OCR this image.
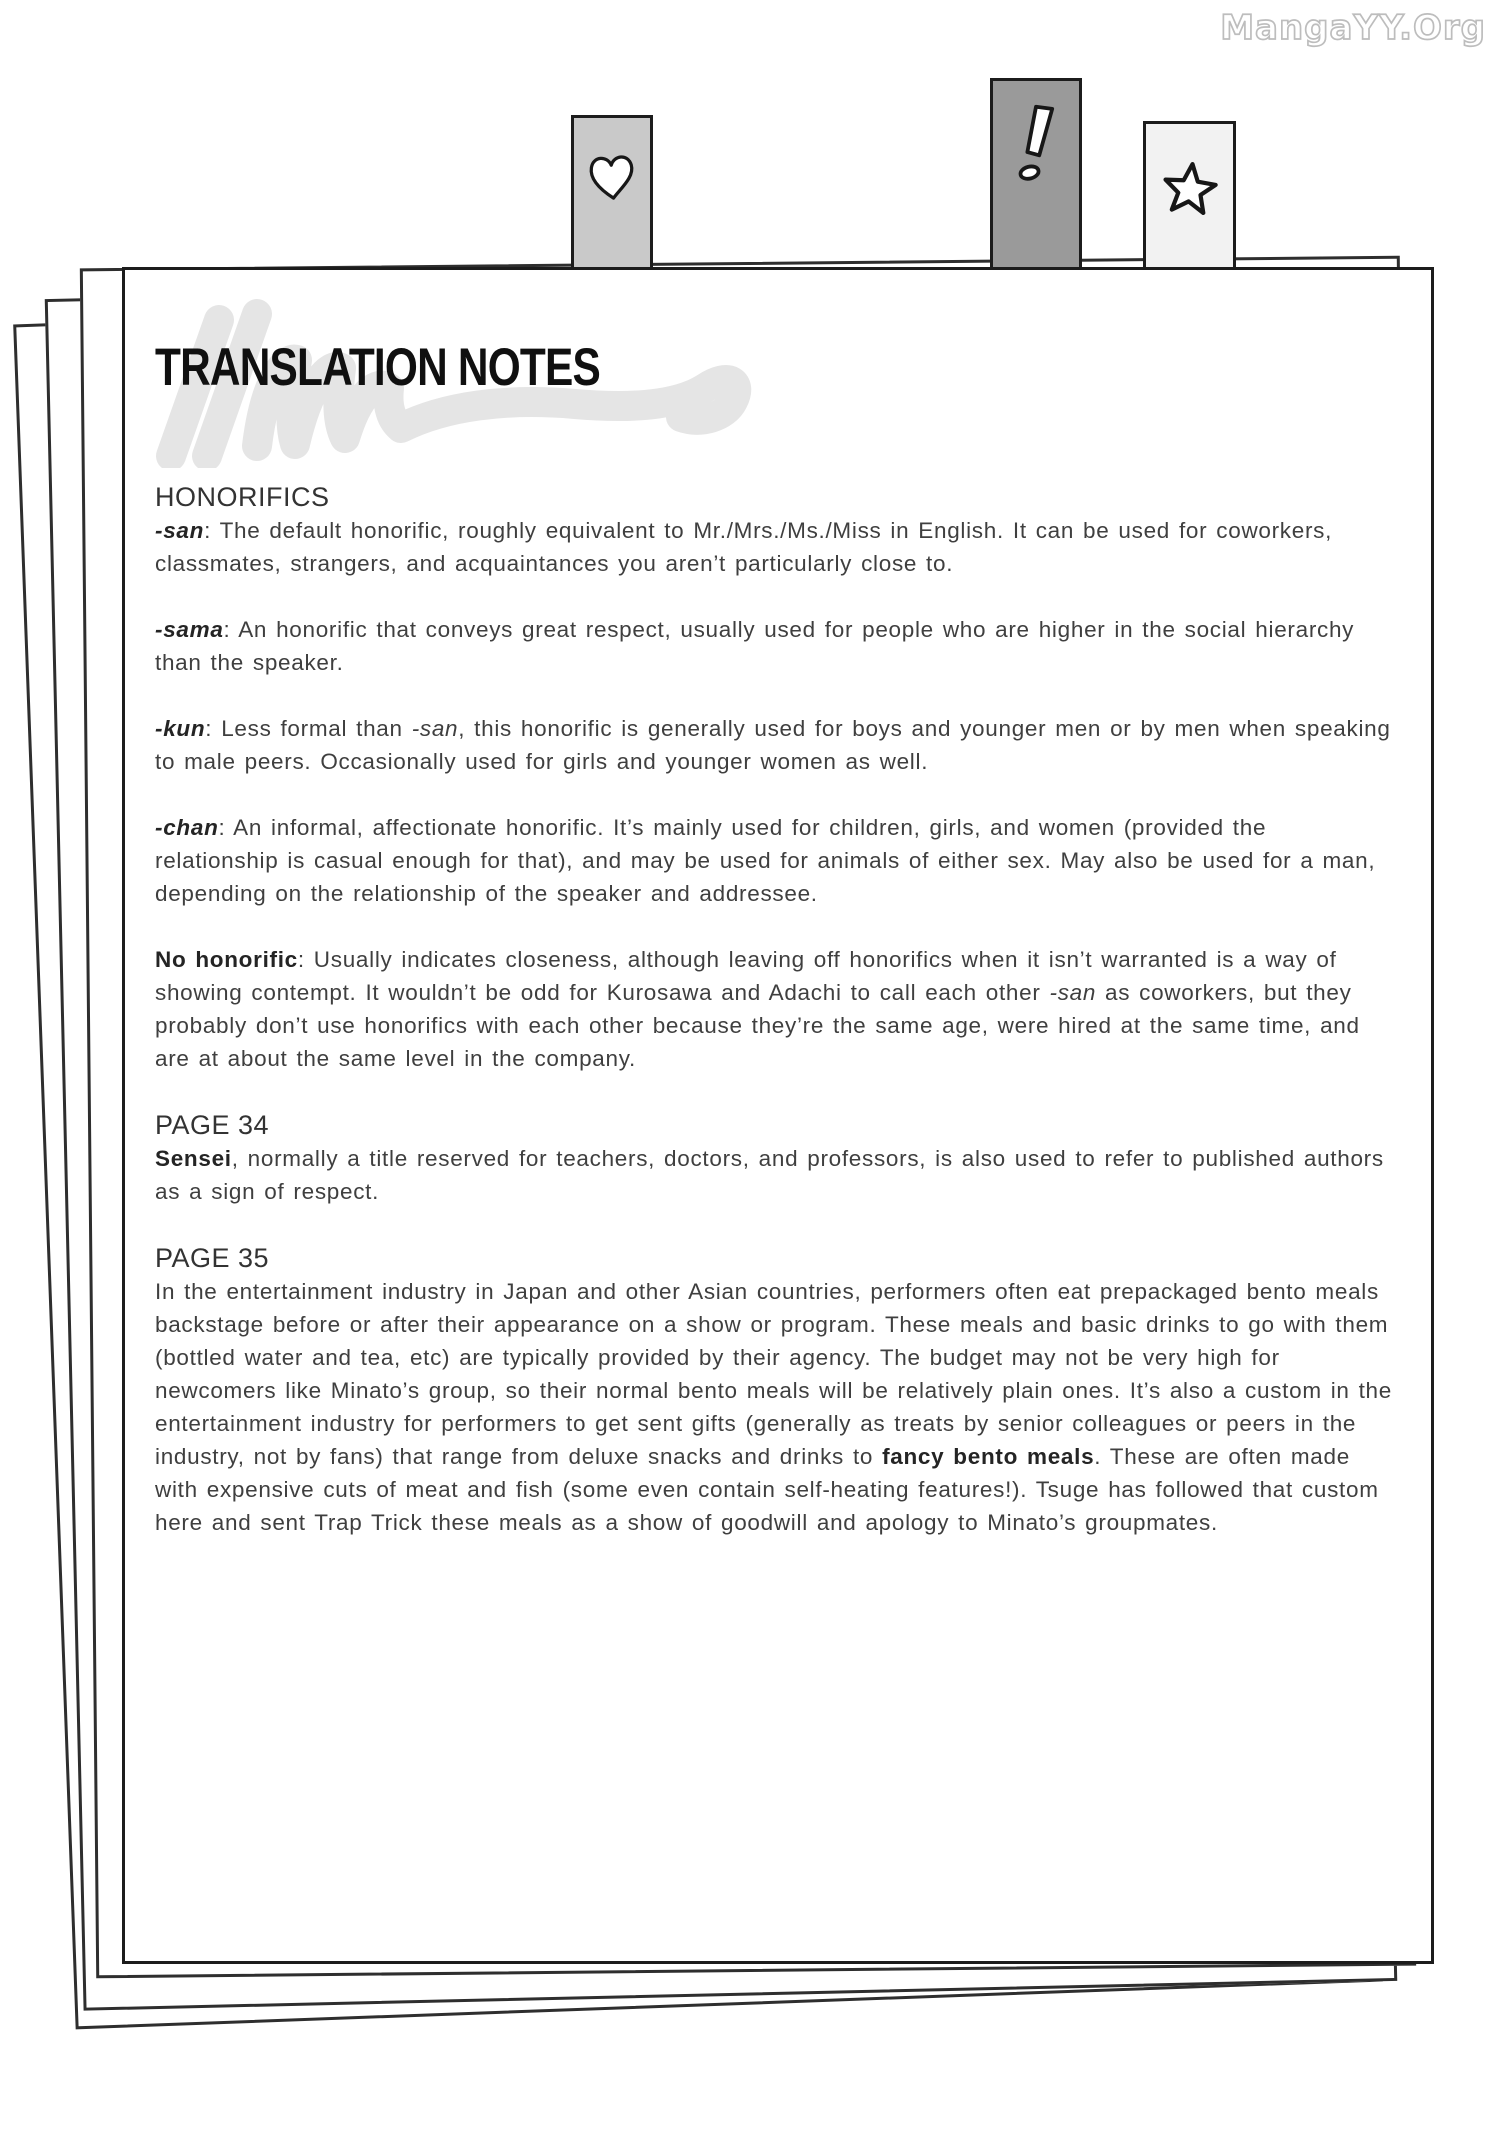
MangaYY.Org
TRANSLATION NOTES
HONORIFICS

-san: The default honorific, roughly equivalent to Mr./Mrs./Ms./Miss in English. It can be used for coworkers, classmates, strangers, and acquaintances you aren’t particularly close to.

-sama: An honorific that conveys great respect, usually used for people who are higher in the social hierarchy than the speaker.

-kun: Less formal than -san, this honorific is generally used for boys and younger men or by men when speaking to male peers. Occasionally used for girls and younger women as well.

-chan: An informal, affectionate honorific. It’s mainly used for children, girls, and women (provided the relationship is casual enough for that), and may be used for animals of either sex. May also be used for a man, depending on the relationship of the speaker and addressee.

No honorific: Usually indicates closeness, although leaving off honorifics when it isn’t warranted is a way of showing contempt. It wouldn’t be odd for Kurosawa and Adachi to call each other -san as coworkers, but they probably don’t use honorifics with each other because they’re the same age, were hired at the same time, and are at about the same level in the company.

PAGE 34

Sensei, normally a title reserved for teachers, doctors, and professors, is also used to refer to published authors as a sign of respect.

PAGE 35

In the entertainment industry in Japan and other Asian countries, performers often eat prepackaged bento meals backstage before or after their appearance on a show or program. These meals and basic drinks to go with them (bottled water and tea, etc) are typically provided by their agency. The budget may not be very high for newcomers like Minato’s group, so their normal bento meals will be relatively plain ones. It’s also a custom in the entertainment industry for performers to get sent gifts (generally as treats by senior colleagues or peers in the industry, not by fans) that range from deluxe snacks and drinks to fancy bento meals. These are often made with expensive cuts of meat and fish (some even contain self-heating features!). Tsuge has followed that custom here and sent Trap Trick these meals as a show of goodwill and apology to Minato’s groupmates.
